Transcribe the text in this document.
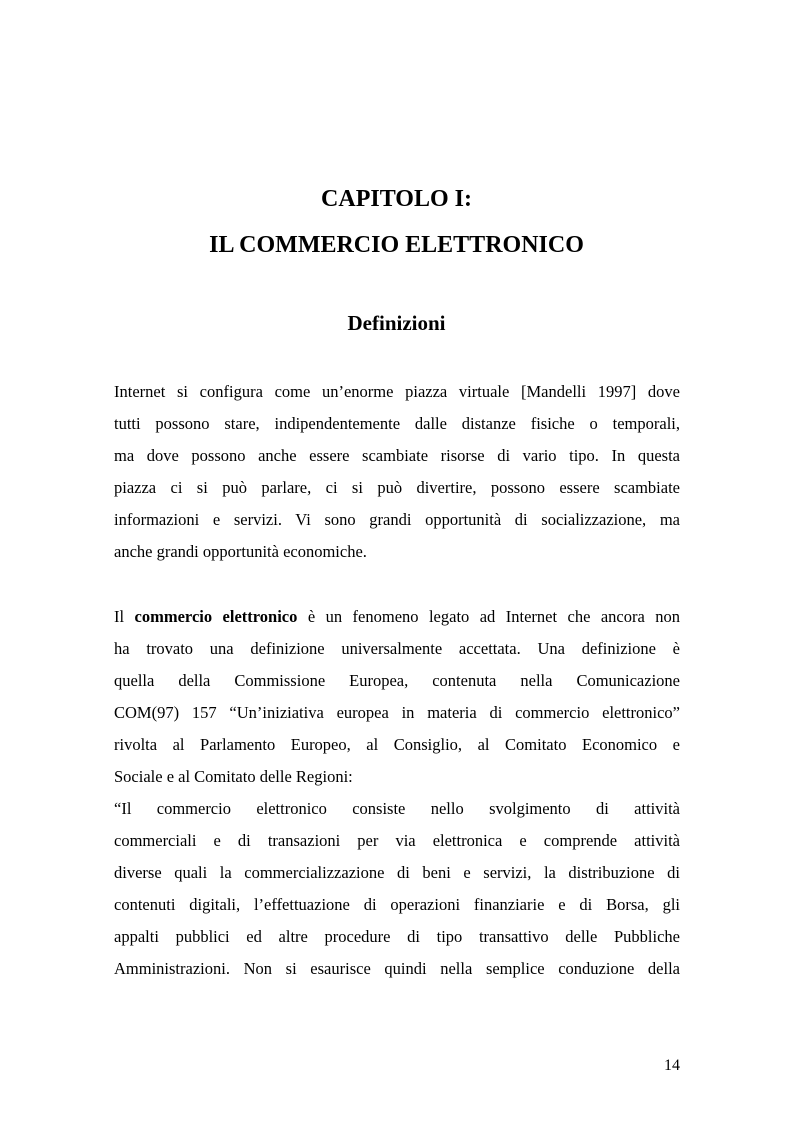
CAPITOLO I:
IL COMMERCIO ELETTRONICO
Definizioni
Internet si configura come un’enorme piazza virtuale [Mandelli 1997] dove
tutti possono stare, indipendentemente dalle distanze fisiche o temporali,
ma dove possono anche essere scambiate risorse di vario tipo. In questa
piazza ci si può parlare, ci si può divertire, possono essere scambiate
informazioni e servizi. Vi sono grandi opportunità di socializzazione, ma
anche grandi opportunità economiche.
Il commercio elettronico è un fenomeno legato ad Internet che ancora non
ha trovato una definizione universalmente accettata. Una definizione è
quella della Commissione Europea, contenuta nella Comunicazione
COM(97) 157 “Un’iniziativa europea in materia di commercio elettronico”
rivolta al Parlamento Europeo, al Consiglio, al Comitato Economico e
Sociale e al Comitato delle Regioni:
“Il commercio elettronico consiste nello svolgimento di attività
commerciali e di transazioni per via elettronica e comprende attività
diverse quali la commercializzazione di beni e servizi, la distribuzione di
contenuti digitali, l’effettuazione di operazioni finanziarie e di Borsa, gli
appalti pubblici ed altre procedure di tipo transattivo delle Pubbliche
Amministrazioni. Non si esaurisce quindi nella semplice conduzione della

14
